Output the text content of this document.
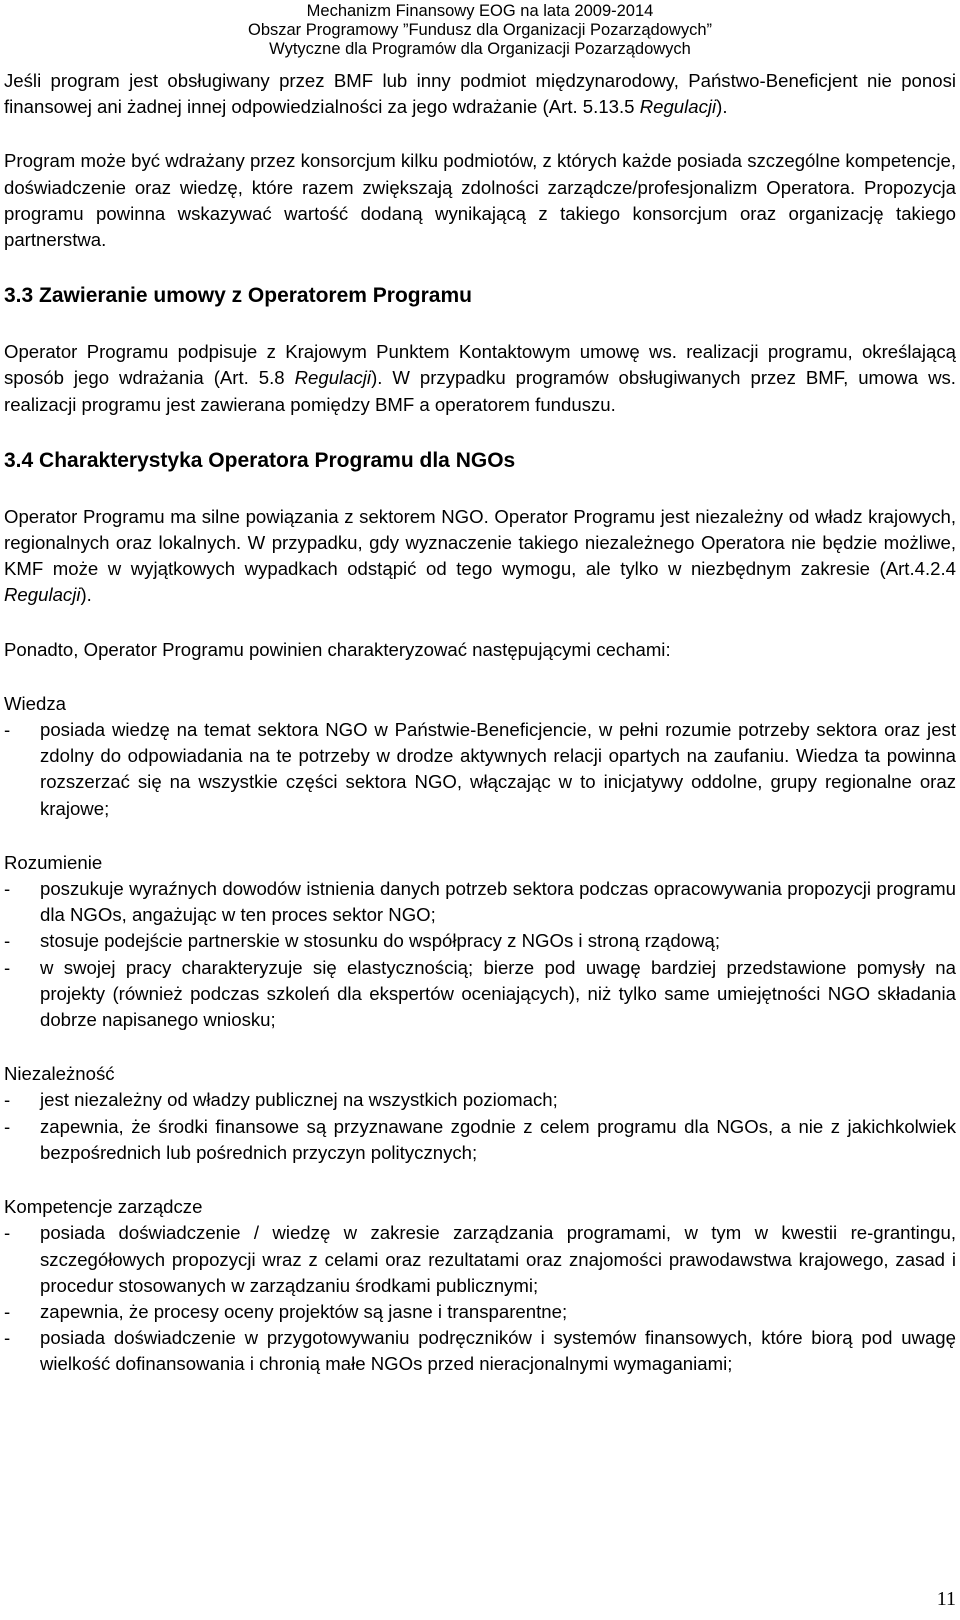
Mechanizm Finansowy EOG na lata 2009-2014
Obszar Programowy ”Fundusz dla Organizacji Pozarządowych”
Wytyczne dla Programów dla Organizacji Pozarządowych

Jeśli program jest obsługiwany przez BMF lub inny podmiot międzynarodowy, Państwo-Beneficjent nie ponosi finansowej ani żadnej innej odpowiedzialności za jego wdrażanie (Art. 5.13.5 Regulacji).

Program może być wdrażany przez konsorcjum kilku podmiotów, z których każde posiada szczególne kompetencje, doświadczenie oraz wiedzę, które razem zwiększają zdolności zarządcze/profesjonalizm Operatora. Propozycja programu powinna wskazywać wartość dodaną wynikającą z takiego konsorcjum oraz organizację takiego partnerstwa.

3.3 Zawieranie umowy z Operatorem Programu

Operator Programu podpisuje z Krajowym Punktem Kontaktowym umowę ws. realizacji programu, określającą sposób jego wdrażania (Art. 5.8 Regulacji). W przypadku programów obsługiwanych przez BMF, umowa ws. realizacji programu jest zawierana pomiędzy BMF a operatorem funduszu.

3.4 Charakterystyka Operatora Programu dla NGOs

Operator Programu ma silne powiązania z sektorem NGO. Operator Programu jest niezależny od władz krajowych, regionalnych oraz lokalnych. W przypadku, gdy wyznaczenie takiego niezależnego Operatora nie będzie możliwe, KMF może w wyjątkowych wypadkach odstąpić od tego wymogu, ale tylko w niezbędnym zakresie (Art.4.2.4 Regulacji).

Ponadto, Operator Programu powinien charakteryzować następującymi cechami:

Wiedza

- posiada wiedzę na temat sektora NGO w Państwie-Beneficjencie, w pełni rozumie potrzeby sektora oraz jest zdolny do odpowiadania na te potrzeby w drodze aktywnych relacji opartych na zaufaniu. Wiedza ta powinna rozszerzać się na wszystkie części sektora NGO, włączając w to inicjatywy oddolne, grupy regionalne oraz krajowe;

Rozumienie

- poszukuje wyraźnych dowodów istnienia danych potrzeb sektora podczas opracowywania propozycji programu dla NGOs, angażując w ten proces sektor NGO;
- stosuje podejście partnerskie w stosunku do współpracy z NGOs i stroną rządową;
- w swojej pracy charakteryzuje się elastycznością; bierze pod uwagę bardziej przedstawione pomysły na projekty (również podczas szkoleń dla ekspertów oceniających), niż tylko same umiejętności NGO składania dobrze napisanego wniosku;

Niezależność

- jest niezależny od władzy publicznej na wszystkich poziomach;
- zapewnia, że środki finansowe są przyznawane zgodnie z celem programu dla NGOs, a nie z jakichkolwiek bezpośrednich lub pośrednich przyczyn politycznych;

Kompetencje zarządcze

- posiada doświadczenie / wiedzę w zakresie zarządzania programami, w tym w kwestii re-grantingu, szczegółowych propozycji wraz z celami oraz rezultatami oraz znajomości prawodawstwa krajowego, zasad i procedur stosowanych w zarządzaniu środkami publicznymi;
- zapewnia, że procesy oceny projektów są jasne i transparentne;
- posiada doświadczenie w przygotowywaniu podręczników i systemów finansowych, które biorą pod uwagę wielkość dofinansowania i chronią małe NGOs przed nieracjonalnymi wymaganiami;
11
